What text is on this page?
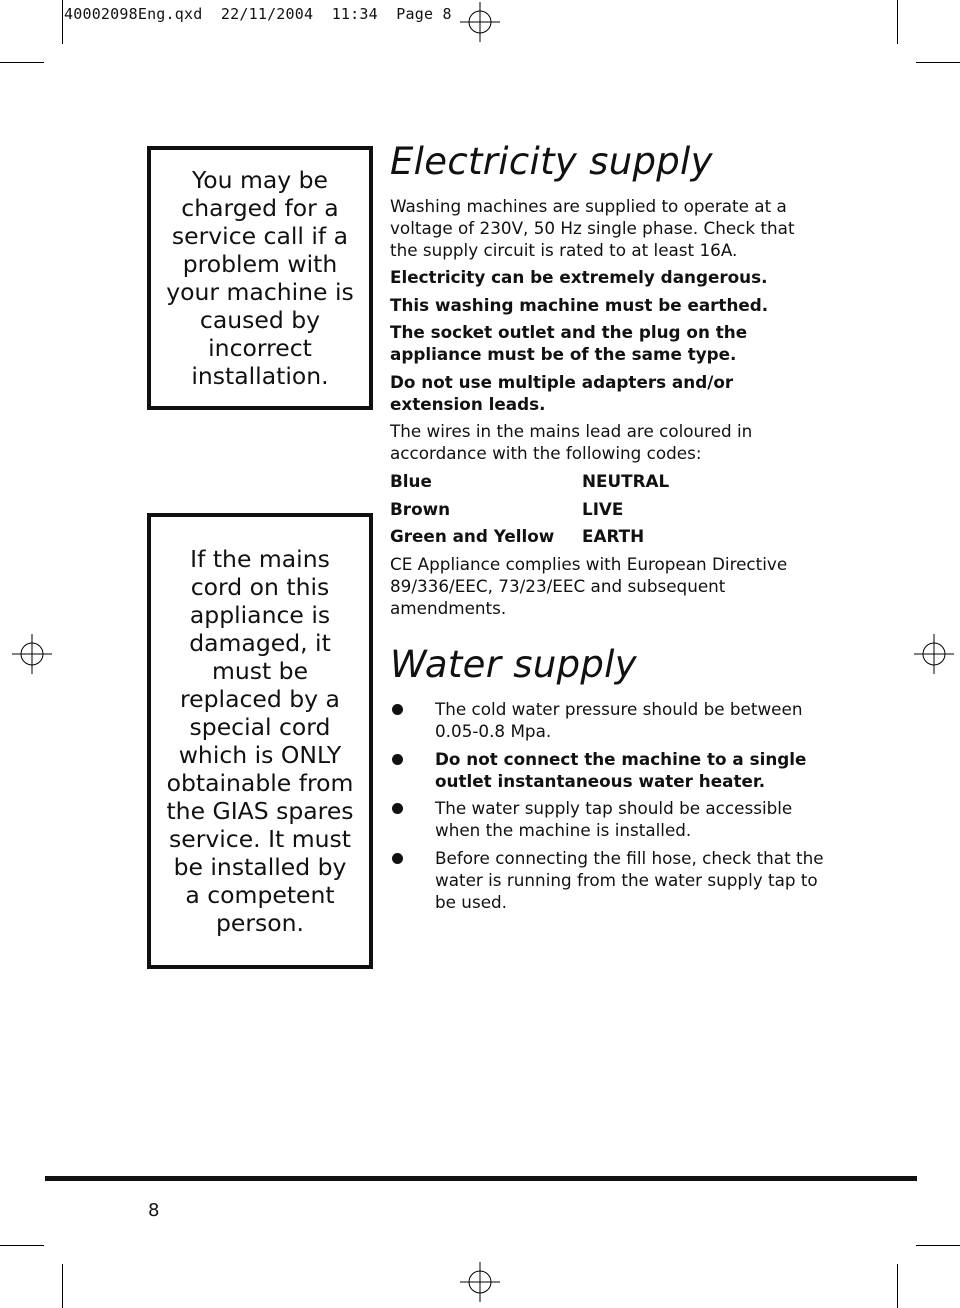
40002098Eng.qxd  22/11/2004  11:34  Page 8
You may be charged for a service call if a problem with your machine is caused by incorrect installation.
If the mains cord on this appliance is damaged, it must be replaced by a special cord which is ONLY obtainable from the GIAS spares service. It must be installed by a competent person.
Electricity supply

Washing machines are supplied to operate at a voltage of 230V, 50 Hz single phase. Check that the supply circuit is rated to at least 16A.

Electricity can be extremely dangerous.

This washing machine must be earthed.

The socket outlet and the plug on the appliance must be of the same type.

Do not use multiple adapters and/or extension leads.

The wires in the mains lead are coloured in accordance with the following codes:

Blue	NEUTRAL
Brown	LIVE
Green and Yellow EARTH

CE Appliance complies with European Directive 89/336/EEC, 73/23/EEC and subsequent amendments.

Water supply
The cold water pressure should be between 0.05-0.8 Mpa.
Do not connect the machine to a single outlet instantaneous water heater.
The water supply tap should be accessible when the machine is installed.
Before connecting the fill hose, check that the water is running from the water supply tap to be used.
8
